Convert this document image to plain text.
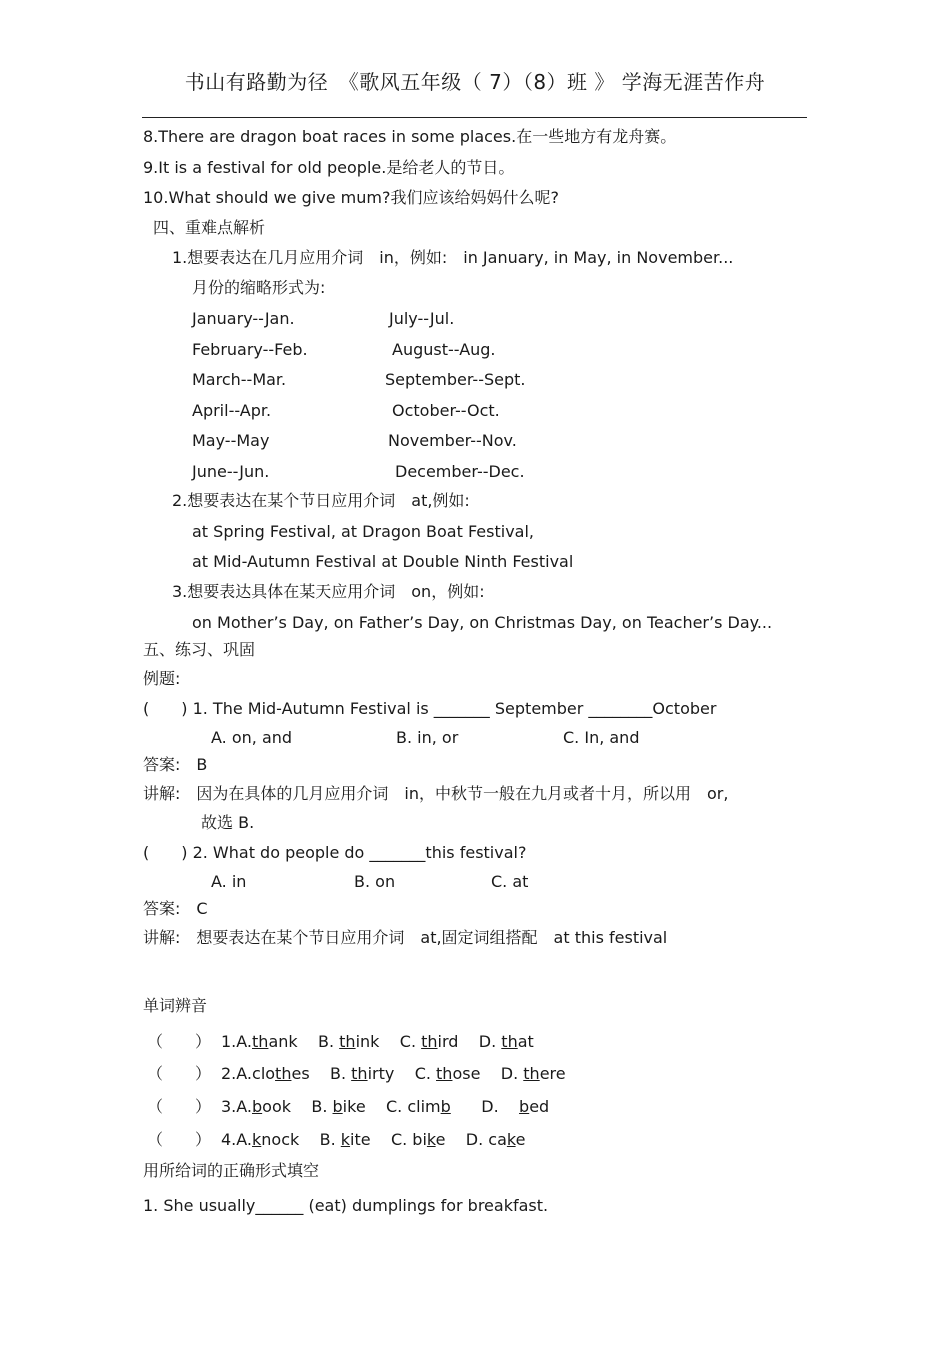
书山有路勤为径　《歌风五年级（ 7）（8）班 》 学海无涯苦作舟
8.There are dragon boat races in some places.在一些地方有龙舟赛。
9.It is a festival for old people.是给老人的节日。
10.What should we give mum?我们应该给妈妈什么呢?
四、重难点解析
1.想要表达在几月应用介词　in，例如:　in January, in May, in November...
月份的缩略形式为:
January--Jan.	July--Jul.
February--Feb.	August--Aug.
March--Mar.	September--Sept.
April--Apr.	October--Oct.
May--May	November--Nov.
June--Jun.	December--Dec.
2.想要表达在某个节日应用介词　at,例如:
at Spring Festival, at Dragon Boat Festival,
at Mid-Autumn Festival at Double Ninth Festival
3.想要表达具体在某天应用介词　on，例如:
on Mother’s Day, on Father’s Day, on Christmas Day, on Teacher’s Day...
五、练习、巩固
例题:
(　　) 1. The Mid-Autumn Festival is _______ September ________October
A. on, and	B. in, or	C. In, and
答案:　B
讲解:　因为在具体的几月应用介词　in，中秋节一般在九月或者十月，所以用　or,
故选 B.
(　　) 2. What do people do _______this festival?
A. in	B. on	C. at
答案:　C
讲解:　想要表达在某个节日应用介词　at,固定词组搭配　at this festival
单词辨音
（　　） 1.A.thank    B. think    C. third    D. that
（　　） 2.A.clothes    B. thirty    C. those    D. there
（　　） 3.A.book    B. bike    C. climb      D.    bed
（　　） 4.A.knock    B. kite    C. bike    D. cake
用所给词的正确形式填空
1. She usually______ (eat) dumplings for breakfast.
